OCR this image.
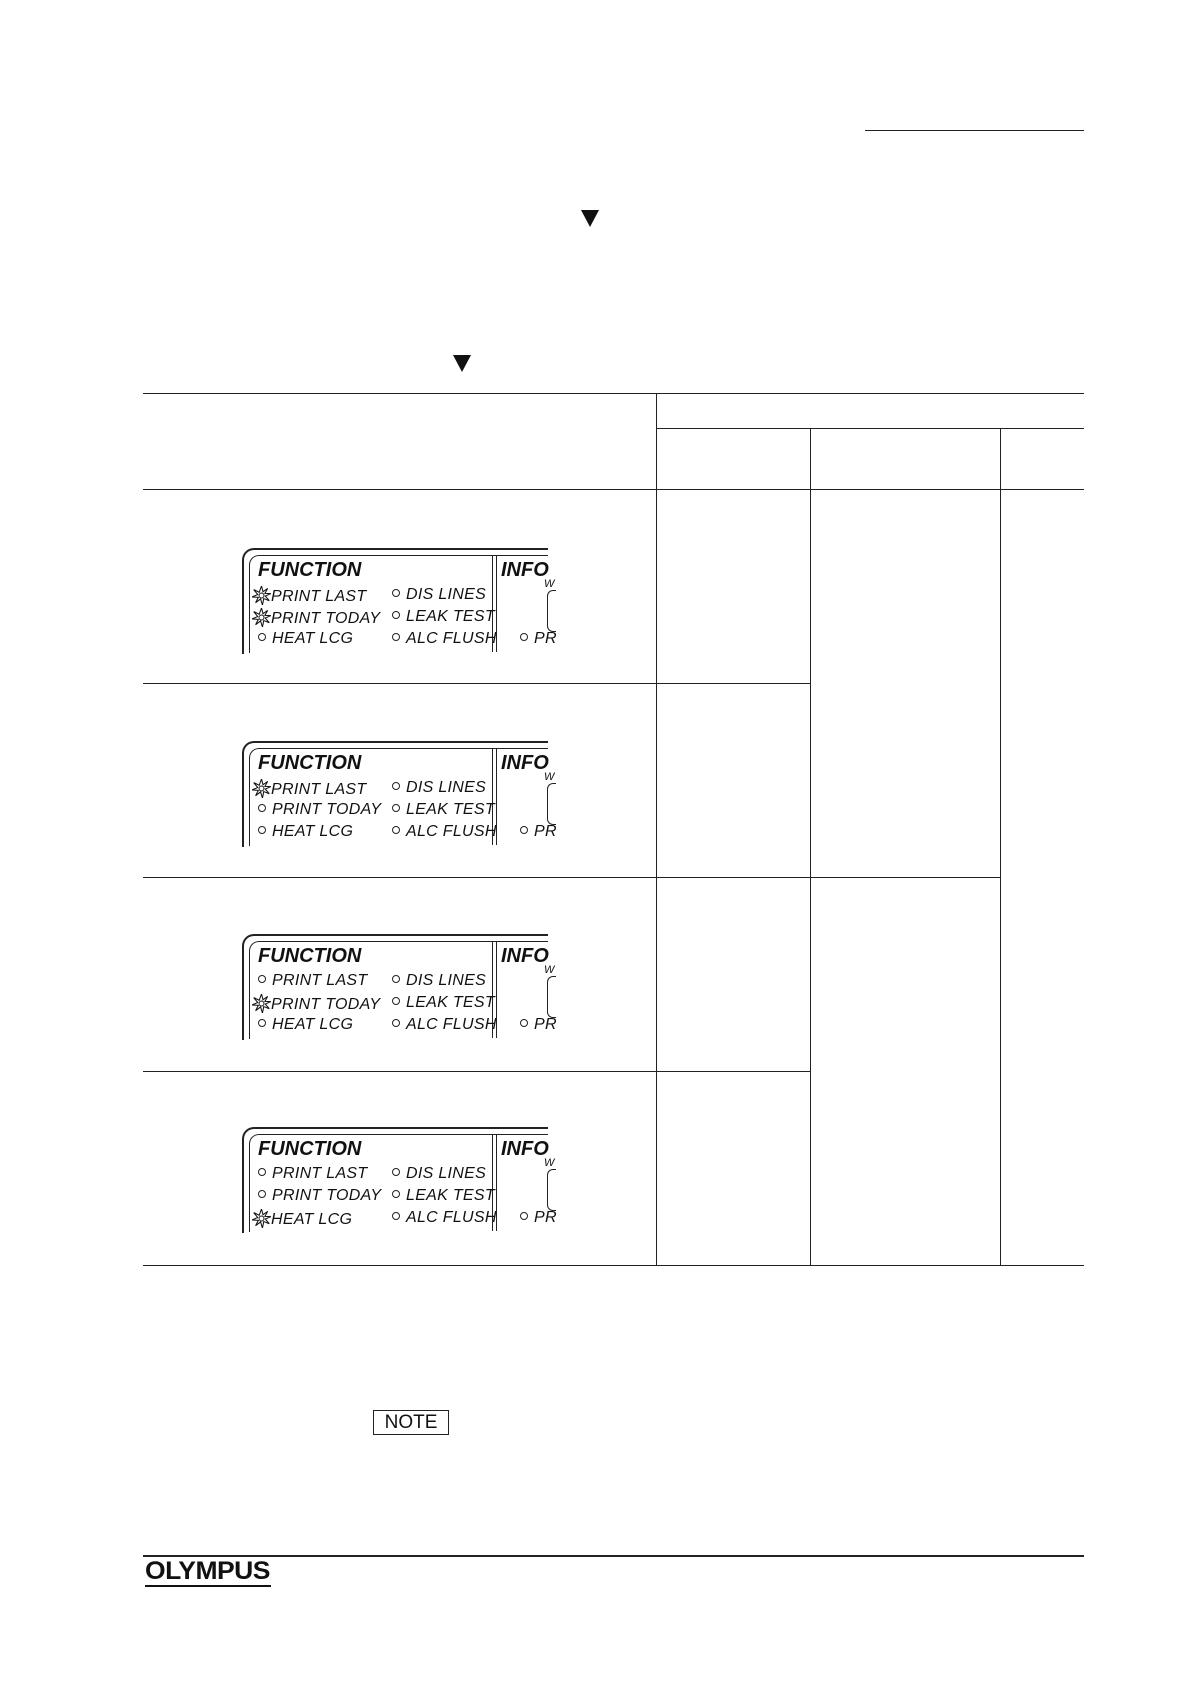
FUNCTION	INFO
W
PRINT LAST	DIS LINES
PRINT TODAY	LEAK TEST
HEAT LCG	ALC FLUSH	PR
FUNCTION	INFO
W
PRINT LAST	DIS LINES
PRINT TODAY	LEAK TEST
HEAT LCG	ALC FLUSH	PR
FUNCTION	INFO
W
PRINT LAST	DIS LINES
PRINT TODAY	LEAK TEST
HEAT LCG	ALC FLUSH	PR
FUNCTION	INFO
W
PRINT LAST	DIS LINES
PRINT TODAY	LEAK TEST
HEAT LCG	ALC FLUSH	PR
NOTE
OLYMPUS
